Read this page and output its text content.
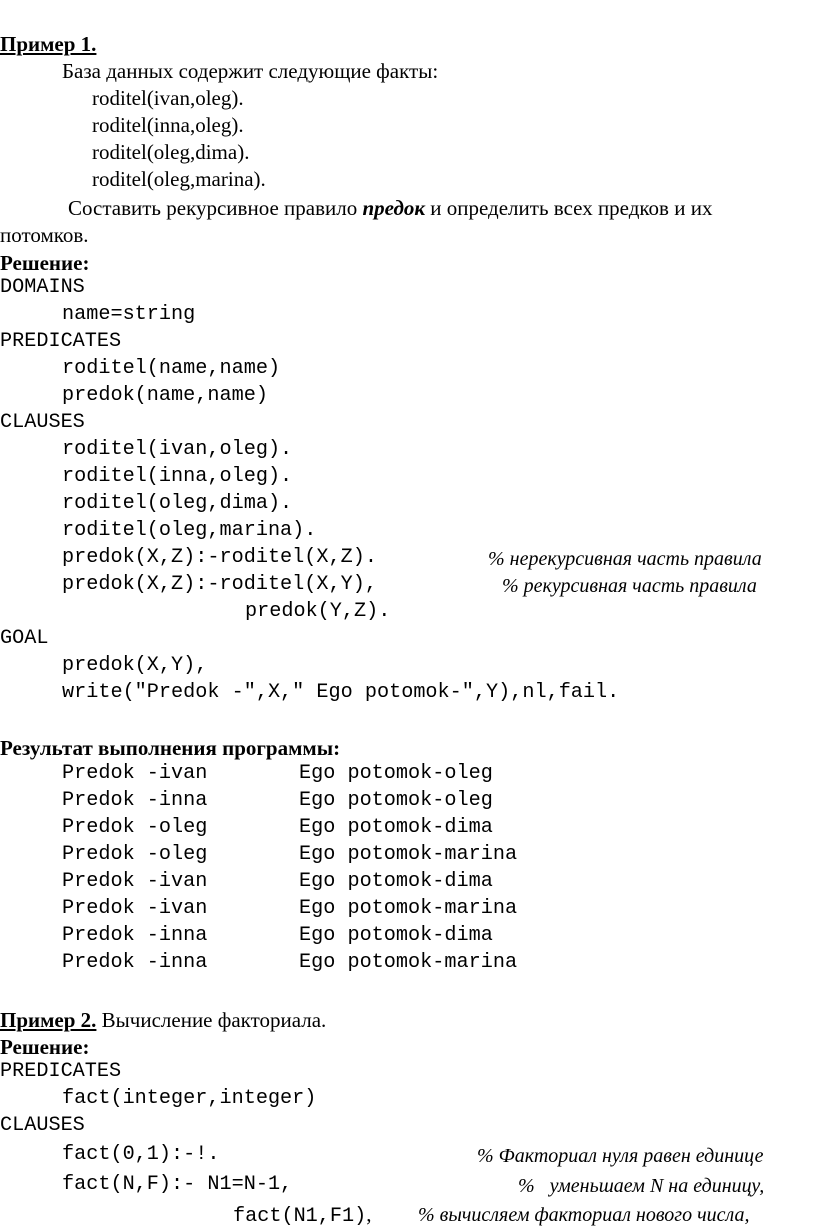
Пример 1.
База данных содержит следующие факты:
roditel(ivan,oleg).
roditel(inna,oleg).
roditel(oleg,dima).
roditel(oleg,marina).
Составить рекурсивное правило предок и определить всех предков и их
потомков.
Решение:
DOMAINS
name=string
PREDICATES
roditel(name,name)
predok(name,name)
CLAUSES
roditel(ivan,oleg).
roditel(inna,oleg).
roditel(oleg,dima).
roditel(oleg,marina).
predok(X,Z):-roditel(X,Z).	% нерекурсивная часть правила
predok(X,Z):-roditel(X,Y),	% рекурсивная часть правила
predok(Y,Z).
GOAL
predok(X,Y),
write("Predok -",X," Ego potomok-",Y),nl,fail.
Результат выполнения программы:
Predok -ivan	Ego potomok-oleg
Predok -inna	Ego potomok-oleg
Predok -oleg	Ego potomok-dima
Predok -oleg	Ego potomok-marina
Predok -ivan	Ego potomok-dima
Predok -ivan	Ego potomok-marina
Predok -inna	Ego potomok-dima
Predok -inna	Ego potomok-marina
Пример 2. Вычисление факториала.
Решение:
PREDICATES
fact(integer,integer)
CLAUSES
fact(0,1):-!.	% Факториал нуля равен единице
fact(N,F):- N1=N-1,	%   уменьшаем N на единицу,
fact(N1,F1), % вычисляем факториал нового числа,
